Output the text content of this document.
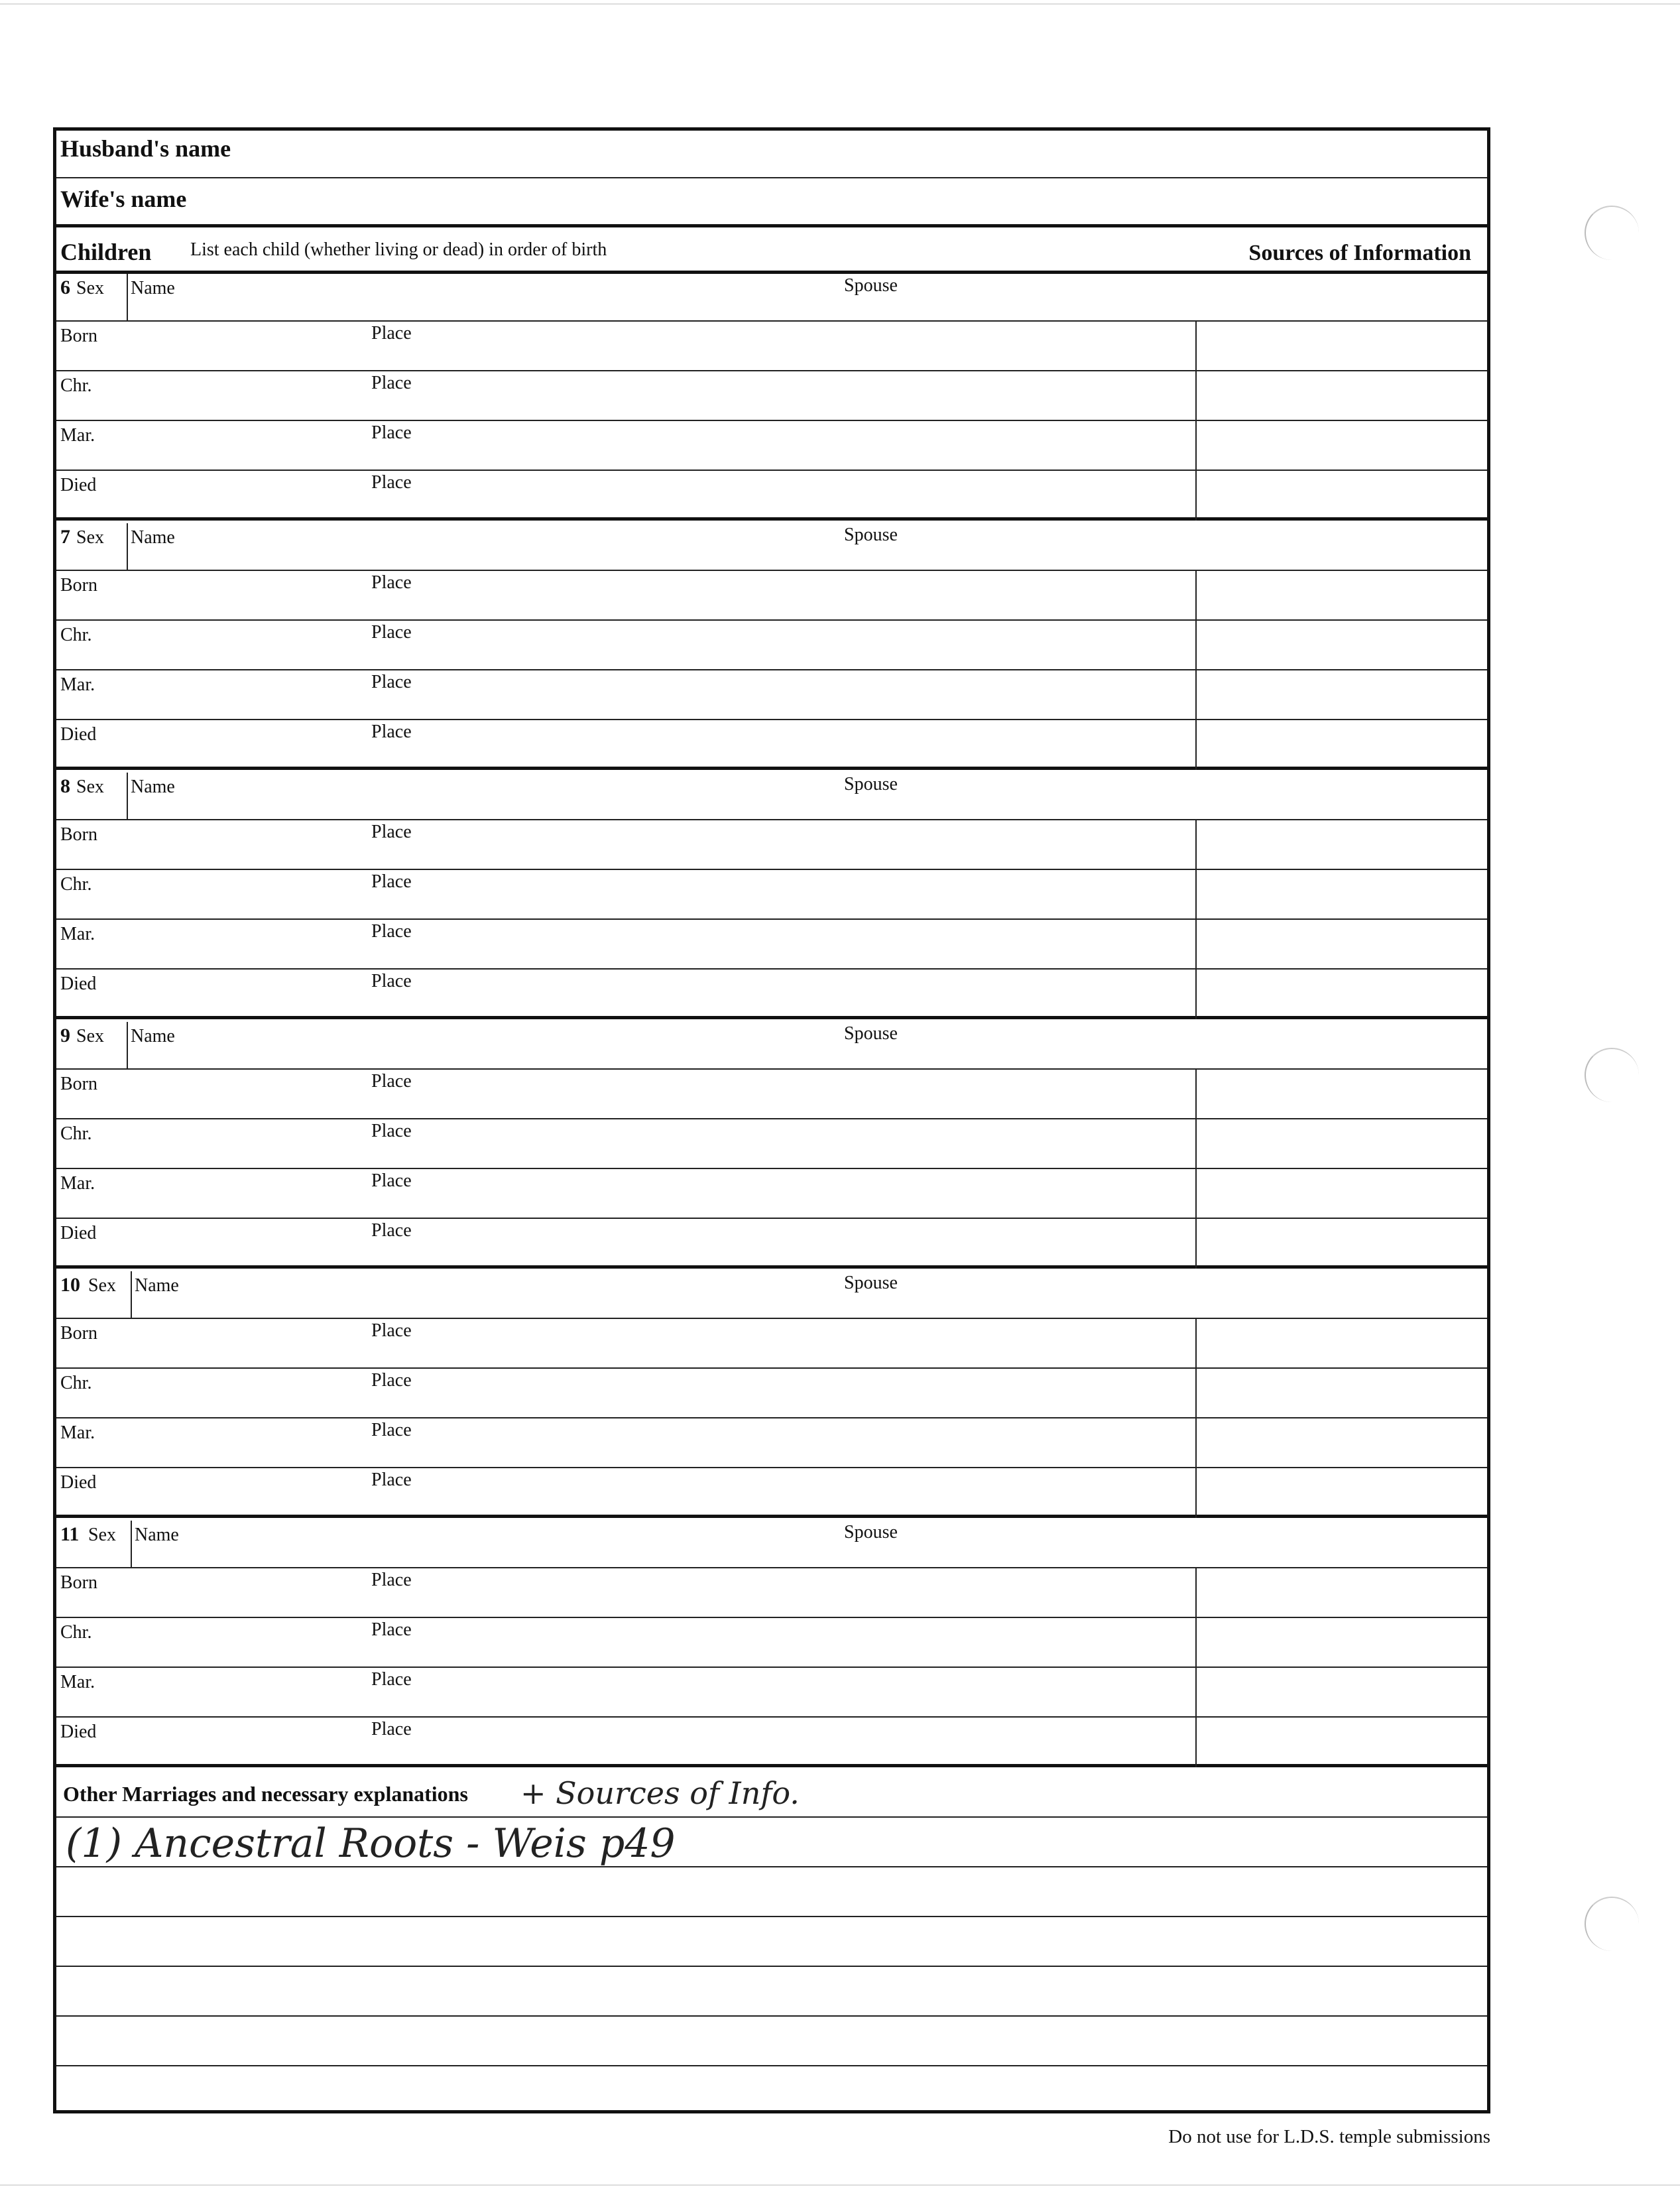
Husband's name
Wife's name
Children List each child (whether living or dead) in order of birth	Sources of Information
6 Sex Name	Spouse
Born	Place
Chr.	Place
Mar.	Place
Died	Place
7 Sex Name	Spouse
Born	Place
Chr.	Place
Mar.	Place
Died	Place
8 Sex Name	Spouse
Born	Place
Chr.	Place
Mar.	Place
Died	Place
9 Sex Name	Spouse
Born	Place
Chr.	Place
Mar.	Place
Died	Place
10 Sex Name	Spouse
Born	Place
Chr.	Place
Mar.	Place
Died	Place
11 Sex Name	Spouse
Born	Place
Chr.	Place
Mar.	Place
Died	Place
Other Marriages and necessary explanations + Sources of Info.
(1) Ancestral Roots - Weis p49
Do not use for L.D.S. temple submissions
